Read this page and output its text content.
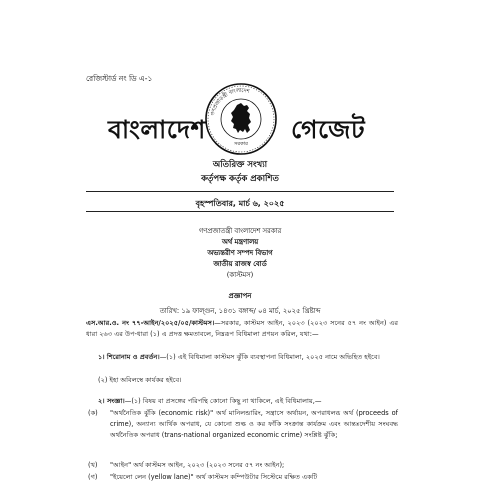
রেজিস্টার্ড নং ডি এ-১
বাংলাদেশ
গণপ্রজাতন্ত্রী বাংলাদেশ
সরকার গেজেট
অতিরিক্ত সংখ্যা
কর্তৃপক্ষ কর্তৃক প্রকাশিত
বৃহস্পতিবার, মার্চ ৬, ২০২৫
গণপ্রজাতন্ত্রী বাংলাদেশ সরকার
অর্থ মন্ত্রণালয়
অভ্যন্তরীণ সম্পদ বিভাগ
জাতীয় রাজস্ব বোর্ড
(কাস্টমস)
প্রজ্ঞাপন
তারিখ: ১৯ ফাল্গুন, ১৪৩১ বঙ্গাব্দ/ ০৪ মার্চ, ২০২৫ খ্রিষ্টাব্দ
এস.আর.ও. নং ৭৭-আইন/২০২৫/০৫/কাস্টমস।—সরকার, কাস্টমস আইন, ২০২৩ (২০২৩ সনের ৫৭ নং আইন) এর ধারা ২৬৩ এর উপ-ধারা (১) এ প্রদত্ত ক্ষমতাবলে, নিম্নরূপ বিধিমালা প্রণয়ন করিল, যথা:—
১। শিরোনাম ও প্রবর্তন।—(১) এই বিধিমালা কাস্টমস ঝুঁকি ব্যবস্থাপনা বিধিমালা, ২০২৫ নামে অভিহিত হইবে।
(২) ইহা অবিলম্বে কার্যকর হইবে।
২। সংজ্ঞা।—(১) বিষয় বা প্রসঙ্গের পরিপন্থি কোনো কিছু না থাকিলে, এই বিধিমালায়,—
(ক) "অর্থনৈতিক ঝুঁকি (economic risk)" অর্থ মানিলন্ডারিং, সন্ত্রাসে অর্থায়ন, অপরাধলব্ধ অর্থ (proceeds of crime), অন্যান্য আর্থিক অপরাধ, যে কোনো শুল্ক ও কর ফাঁকি সংক্রান্ত কার্যক্রম এবং আন্তঃদেশীয় সংঘবদ্ধ অর্থনৈতিক অপরাধ (trans-national organized economic crime) সংশ্লিষ্ট ঝুঁকি;
(খ) "আইন" অর্থ কাস্টমস আইন, ২০২৩ (২০২৩ সনের ৫৭ নং আইন);
(গ) "ইয়েলো লেন (yellow lane)" অর্থ কাস্টমস কম্পিউটার সিস্টেমে রক্ষিত একটি
